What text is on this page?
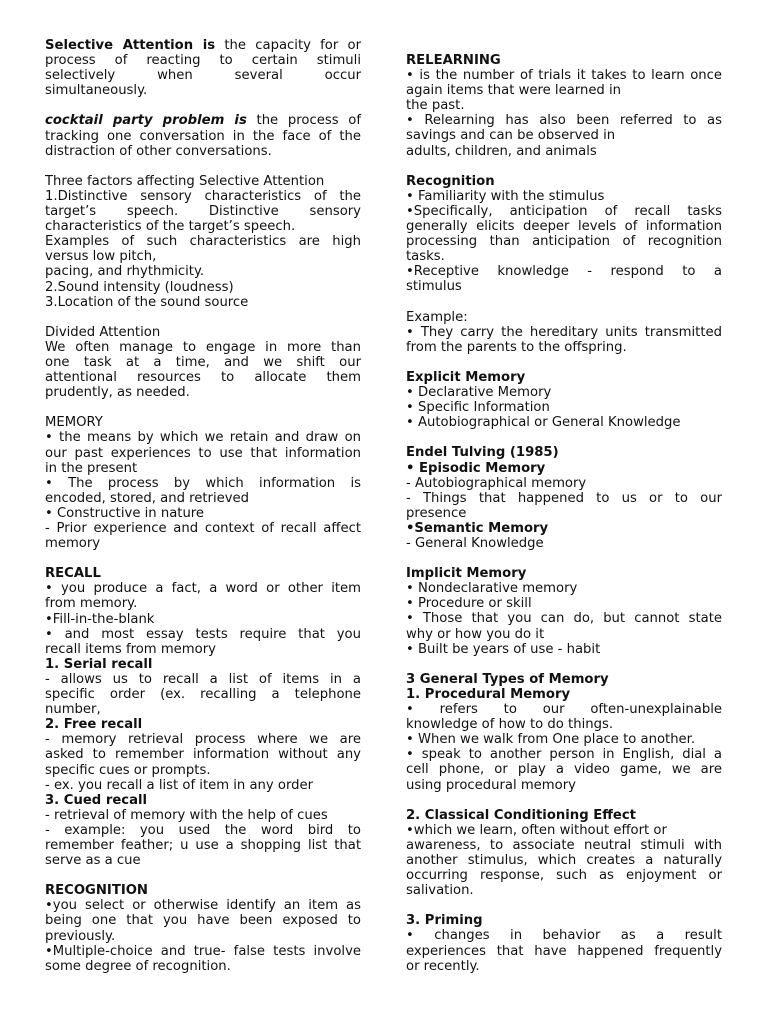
Selective Attention is the capacity for or

process of reacting to certain stimuli

selectively when several occur

simultaneously.

cocktail party problem is the process of

tracking one conversation in the face of the

distraction of other conversations.

Three factors affecting Selective Attention

1.Distinctive sensory characteristics of the

target’s speech. Distinctive sensory

characteristics of the target’s speech.

Examples of such characteristics are high

versus low pitch,

pacing, and rhythmicity.

2.Sound intensity (loudness)

3.Location of the sound source

Divided Attention

We often manage to engage in more than

one task at a time, and we shift our

attentional resources to allocate them

prudently, as needed.

MEMORY

• the means by which we retain and draw on

our past experiences to use that information

in the present

• The process by which information is

encoded, stored, and retrieved

• Constructive in nature

- Prior experience and context of recall affect

memory

RECALL

• you produce a fact, a word or other item

from memory.

•Fill-in-the-blank

• and most essay tests require that you

recall items from memory

1. Serial recall

- allows us to recall a list of items in a

specific order (ex. recalling a telephone

number,

2. Free recall

- memory retrieval process where we are

asked to remember information without any

specific cues or prompts.

- ex. you recall a list of item in any order

3. Cued recall

- retrieval of memory with the help of cues

- example: you used the word bird to

remember feather; u use a shopping list that

serve as a cue

RECOGNITION

•you select or otherwise identify an item as

being one that you have been exposed to

previously.

•Multiple-choice and true- false tests involve

some degree of recognition.

RELEARNING

• is the number of trials it takes to learn once

again items that were learned in

the past.

• Relearning has also been referred to as

savings and can be observed in

adults, children, and animals

Recognition

• Familiarity with the stimulus

•Specifically, anticipation of recall tasks

generally elicits deeper levels of information

processing than anticipation of recognition

tasks.

•Receptive knowledge - respond to a

stimulus

Example:

• They carry the hereditary units transmitted

from the parents to the offspring.

Explicit Memory

• Declarative Memory

• Specific Information

• Autobiographical or General Knowledge

Endel Tulving (1985)

• Episodic Memory

- Autobiographical memory

- Things that happened to us or to our

presence

•Semantic Memory

- General Knowledge

Implicit Memory

• Nondeclarative memory

• Procedure or skill

• Those that you can do, but cannot state

why or how you do it

• Built be years of use - habit

3 General Types of Memory

1. Procedural Memory

• refers to our often-unexplainable

knowledge of how to do things.

• When we walk from One place to another.

• speak to another person in English, dial a

cell phone, or play a video game, we are

using procedural memory

2. Classical Conditioning Effect

•which we learn, often without effort or

awareness, to associate neutral stimuli with

another stimulus, which creates a naturally

occurring response, such as enjoyment or

salivation.

3. Priming

• changes in behavior as a result

experiences that have happened frequently

or recently.
